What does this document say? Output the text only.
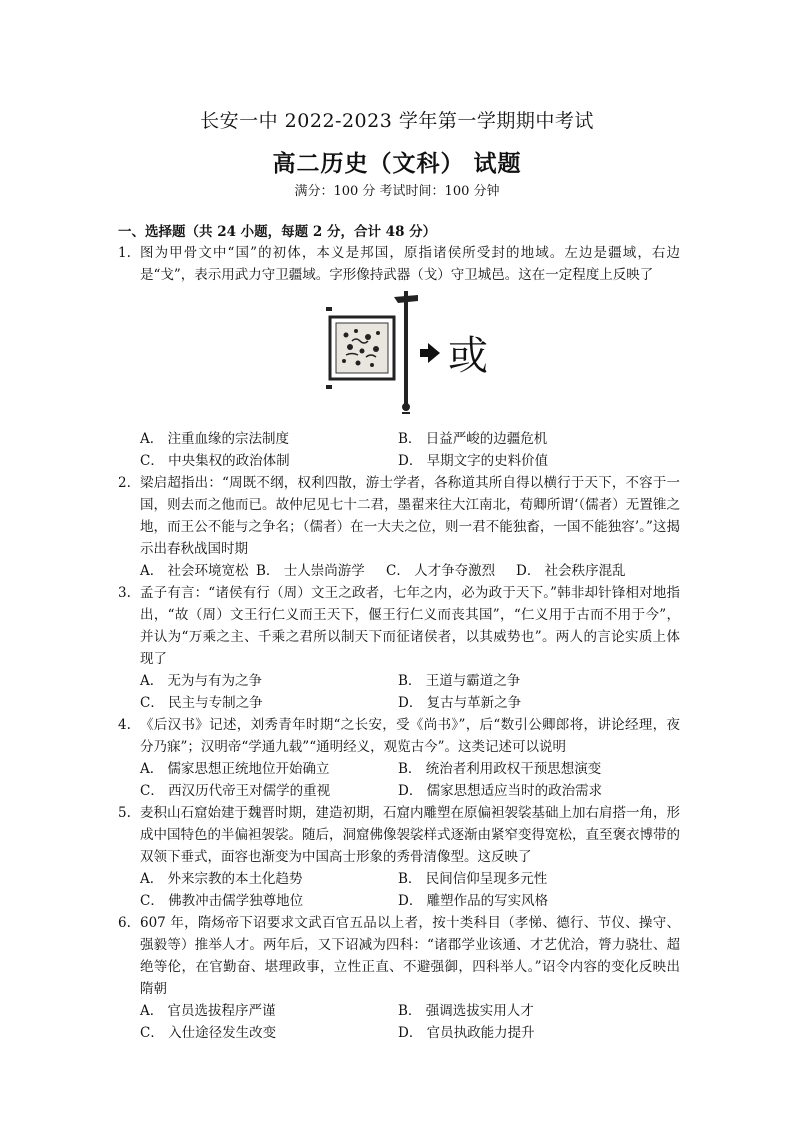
长安一中 2022-2023 学年第一学期期中考试
高二历史（文科） 试题
满分：100 分 考试时间：100 分钟
一、选择题（共 24 小题，每题 2 分，合计 48 分）
1. 图为甲骨文中“国”的初体，本义是邦国，原指诸侯所受封的地域。左边是疆域，右边是“戈”，表示用武力守卫疆域。字形像持武器（戈）守卫城邑。这在一定程度上反映了
或
A． 注重血缘的宗法制度	B． 日益严峻的边疆危机
C． 中央集权的政治体制	D． 早期文字的史料价值
2. 梁启超指出：“周既不纲，权利四散，游士学者，各称道其所自得以横行于天下，不容于一国，则去而之他而已。故仲尼见七十二君，墨翟来往大江南北，荀卿所谓‘（儒者）无置锥之地，而王公不能与之争名；（儒者）在一大夫之位，则一君不能独畜，一国不能独容’。”这揭示出春秋战国时期
A． 社会环境宽松 B． 士人崇尚游学 C． 人才争夺激烈 D． 社会秩序混乱
3. 孟子有言：“诸侯有行（周）文王之政者，七年之内，必为政于天下。”韩非却针锋相对地指出，“故（周）文王行仁义而王天下，偃王行仁义而丧其国”，“仁义用于古而不用于今”，并认为“万乘之主、千乘之君所以制天下而征诸侯者，以其威势也”。两人的言论实质上体现了
A． 无为与有为之争	B． 王道与霸道之争
C． 民主与专制之争	D． 复古与革新之争
4. 《后汉书》记述，刘秀青年时期“之长安，受《尚书》”，后“数引公卿郎将，讲论经理，夜分乃寐”；汉明帝“学通九载”“通明经义，观览古今”。这类记述可以说明
A． 儒家思想正统地位开始确立	B． 统治者利用政权干预思想演变
C． 西汉历代帝王对儒学的重视	D． 儒家思想适应当时的政治需求
5. 麦积山石窟始建于魏晋时期，建造初期，石窟内雕塑在原偏袒袈裟基础上加右肩搭一角，形成中国特色的半偏袒袈裟。随后，洞窟佛像袈裟样式逐渐由紧窄变得宽松，直至褒衣博带的双领下垂式，面容也渐变为中国高士形象的秀骨清像型。这反映了
A． 外来宗教的本土化趋势	B． 民间信仰呈现多元性
C． 佛教冲击儒学独尊地位	D． 雕塑作品的写实风格
6. 607 年，隋炀帝下诏要求文武百官五品以上者，按十类科目（孝悌、德行、节仪、操守、强毅等）推举人才。两年后，又下诏减为四科：“诸郡学业该通、才艺优洽，膂力骁壮、超绝等伦，在官勤奋、堪理政事，立性正直、不避强御，四科举人。”诏令内容的变化反映出隋朝
A． 官员选拔程序严谨	B． 强调选拔实用人才
C． 入仕途径发生改变	D． 官员执政能力提升
